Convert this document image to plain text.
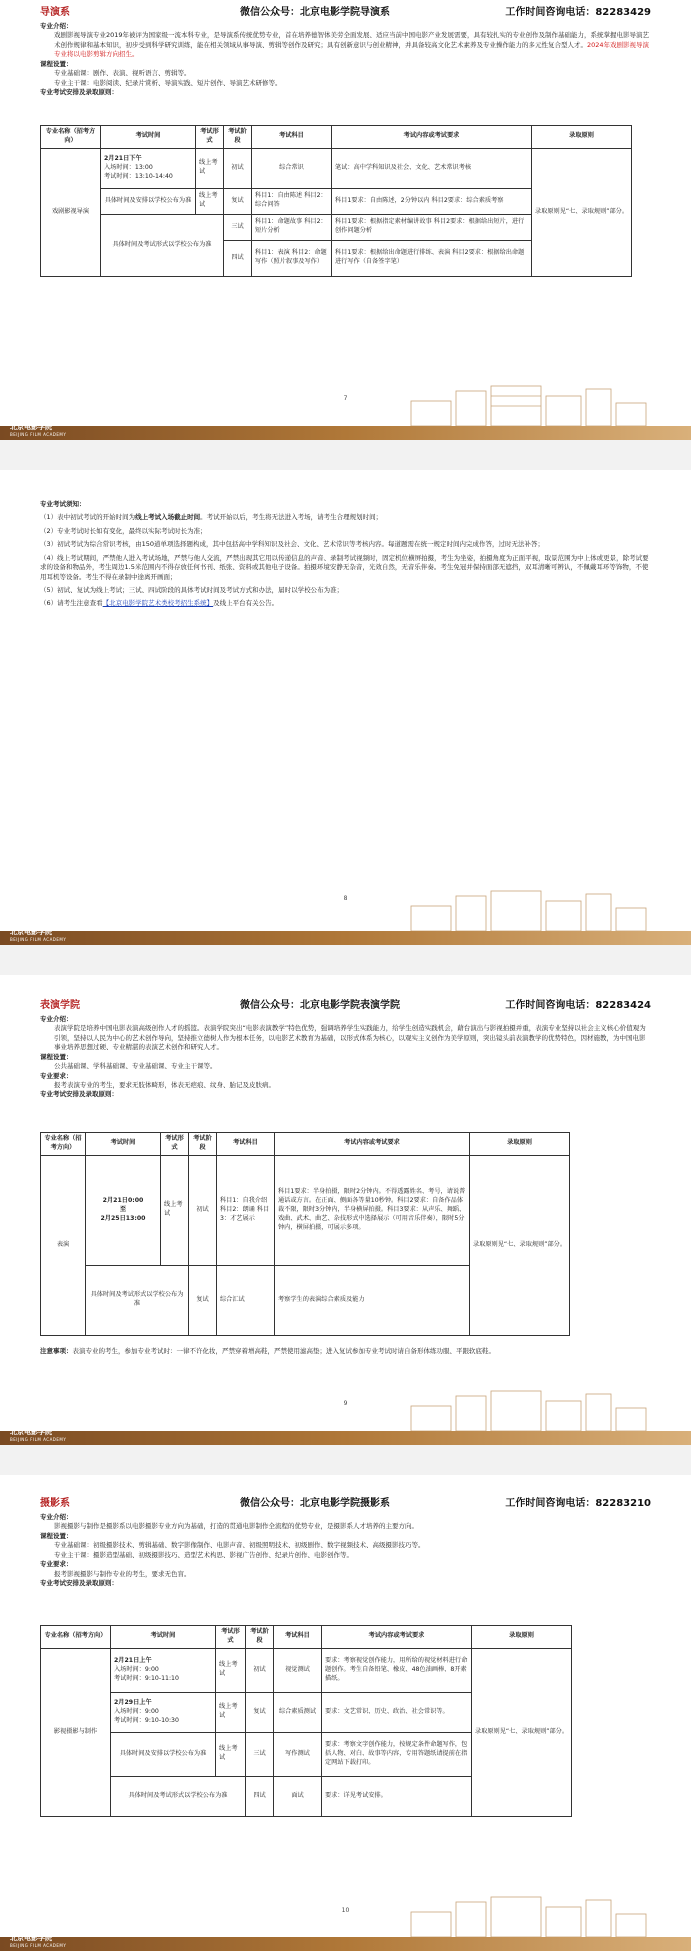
导演系	微信公众号：北京电影学院导演系	工作时间咨询电话：82283429
专业介绍：
戏剧影视导演专业2019年被评为国家级一流本科专业，是导演系传统优势专业，首在培养德智体美劳全面发展、适应当前中国电影产业发展需要，具有较扎实的专业创作及制作基础能力，系统掌握电影导演艺术创作规律和基本知识，初步受到科学研究训练，能在相关领域从事导演、剪辑等创作及研究；具有创新意识与创业精神，并具备较高文化艺术素养及专业操作能力的多元性复合型人才。2024年戏剧影视导演专业将以电影剪辑方向招生。
课程设置：
专业基础课：剧作、表演、视听语言、剪辑等。
专业主干课：电影阅读、纪录片赏析、导演实践、短片创作、导演艺术研修等。
专业考试安排及录取原则：
专业名称（招考方向）	考试时间	考试形式	考试阶段	考试科目	考试内容或考试要求	录取原则
戏剧影视导演	2月21日下午
入场时间：13:00
考试时间：13:10-14:40	线上考试	初试	综合常识	笔试：高中学科知识及社会、文化、艺术常识考核	录取原则见“七、录取规则”部分。
	具体时间及安排以学校公布为准	线上考试	复试	科目1：自由陈述 科目2：综合问答	科目1要求：自由陈述，2分钟以内 科目2要求：综合素质考察	
	具体时间及考试形式以学校公布为准		三试	科目1：命题故事 科目2：短片分析	科目1要求：根据指定素材编讲故事 科目2要求：根据给出短片，进行创作问题分析	
			四试	科目1：表演 科目2：命题写作（照片叙事及写作）	科目1要求：根据给出命题进行排练、表演 科目2要求：根据给出命题进行写作（自备签字笔）	
7
北京电影学院
BEIJING FILM ACADEMY

专业考试须知：

（1）表中初试考试的开始时间为线上考试入场截止时间。考试开始以后，考生将无法进入考场，请考生合理规划时间；

（2）专业考试时长如有变化，最终以实际考试时长为准；

（3）初试考试为综合常识考核，由150道单项选择题构成，其中包括高中学科知识及社会、文化、艺术常识等考核内容。每道题需在统一规定时间内完成作答，过时无法补答；

（4）线上考试期间，严禁他人进入考试场地，严禁与他人交流，严禁出现其它用以传递信息的声音、录制考试视频时，固定机位横屏拍摄，考生为坐姿，拍摄角度为正面平视，取景范围为中上体或更景，除考试要求的设备和物品外，考生周边1.5米范围内不得存放任何书刊、纸张、资料或其他电子设备。拍摄环境安静无杂音，光效自然，无音乐伴奏。考生免冠并保持面部无遮挡，双耳清晰可辨认，不佩戴耳环等饰物，不使用耳机等设备。考生不得在录制中途离开画面；

（5）初试、复试为线上考试；三试、四试阶段的具体考试时间及考试方式和办法，届时以学校公布为准；

（6）请考生注意查看【北京电影学院艺术类校考招生系统】及线上平台有关公告。

8
北京电影学院
BEIJING FILM ACADEMY
表演学院	微信公众号：北京电影学院表演学院	工作时间咨询电话：82283424
专业介绍：
表演学院是培养中国电影表演高级创作人才的摇篮。表演学院突出“电影表演教学”特色优势，强调培养学生实践能力，给学生创造实践机会，藉台演出与影视拍摄并重，表演专业坚持以社会主义核心价值观为引领，坚持以人民为中心的艺术创作导向，坚持推立德树人作为根本任务，以电影艺术教育为基础，以形式体系为核心，以观实主义创作为美学原则，突出镜头前表演教学的优势特色，因材施教，为中国电影事业培养思想过硬、专业精湛的表演艺术创作和研究人才。
课程设置：
公共基础课、学科基础课、专业基础课、专业主干课等。
专业要求：
报考表演专业的考生，要求无肢体畸形，体表无疤痕、纹身、胎记及皮肤病。
专业考试安排及录取原则：
专业名称（招考方向）	考试时间	考试形式	考试阶段	考试科目	考试内容或考试要求	录取原则
表演	2月21日0:00
至
2月25日13:00	线上考试	初试	科目1：自我介绍 科目2：朗诵 科目3：才艺展示	科目1要求：半身拍摄，限时2分钟内。不得透露姓名、考号，请说普通话或方言。在正面、侧面各等量10秒钟。科目2要求：自备作品体裁不限，限时3分钟内，半身横屏拍摄。科目3要求：从声乐、舞蹈、戏曲、武术、曲艺、杂技形式中选择展示（可用音乐伴奏），限时5分钟内，横屏拍摄，可展示多项。	录取原则见“七、录取规则”部分。
	具体时间及考试形式以学校公布为准		复试	综合汇试	考察学生的表演综合素质及能力	
注意事项：表演专业的考生，参加专业考试时：一律不许化妆，严禁穿着增高鞋，严禁使用滤高垫；进入复试参加专业考试时请自备形体练功服、平跟软底鞋。
9
北京电影学院
BEIJING FILM ACADEMY
摄影系	微信公众号：北京电影学院摄影系	工作时间咨询电话：82283210
专业介绍：
影视摄影与制作是摄影系以电影摄影专业方向为基础，打造的贯通电影制作全流程的优势专业，是摄影系人才培养的主要方向。
课程设置：
专业基础课：初级摄影技术、剪辑基础、数字影像制作、电影声音、初级照明技术、初级剧作、数字视频技术、高级摄影技巧等。
专业主干课：摄影造型基础、初级摄影技巧、造型艺术构思、影视广告创作、纪录片创作、电影创作等。
专业要求：
报考影视摄影与制作专业的考生，要求无色盲。
专业考试安排及录取原则：
专业名称（招考方向）	考试时间	考试形式	考试阶段	考试科目	考试内容或考试要求	录取原则
影视摄影与制作	2月21日上午
入场时间：9:00
考试时间：9:10-11:10	线上考试	初试	视觉测试	要求：考察视觉创作能力，用所给的视觉材料进行命题创作。考生自备铅笔、橡皮、48色油画棒、8开素描纸。	录取原则见“七、录取规则”部分。

	2月29日上午
入场时间：9:00
考试时间：9:10-10:30	线上考试	复试	综合素质测试	要求：文艺常识、历史、政治、社会常识等。	
	具体时间及安排以学校公布为准	线上考试	三试	写作测试	要求：考察文字创作能力，按规定条件命题写作，包括人物、对白、故事等内容，专用答题纸请提前在指定网站下载打印。	
	具体时间及考试形式以学校公布为准		四试	面试	要求：详见考试安排。	
10
北京电影学院
BEIJING FILM ACADEMY
